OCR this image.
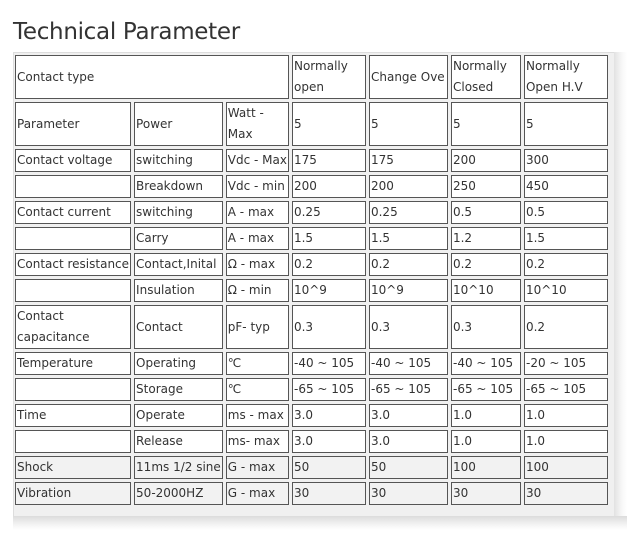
Technical Parameter
Contact type			Normally open	Change Ove	Normally Closed	Normally Open H.V
Parameter	Power	Watt - Max	5	5	5	5
Contact voltage	switching	Vdc - Max	175	175	200	300
	Breakdown	Vdc - min	200	200	250	450
Contact current	switching	A - max	0.25	0.25	0.5	0.5
	Carry	A - max	1.5	1.5	1.2	1.5
Contact resistance	Contact,Inital	Ω - max	0.2	0.2	0.2	0.2
	Insulation	Ω - min	10^9	10^9	10^10	10^10
Contact capacitance	Contact	pF- typ	0.3	0.3	0.3	0.2
Temperature	Operating	℃	-40 ~ 105	-40 ~ 105	-40 ~ 105	-20 ~ 105
	Storage	℃	-65 ~ 105	-65 ~ 105	-65 ~ 105	-65 ~ 105
Time	Operate	ms - max	3.0	3.0	1.0	1.0
	Release	ms- max	3.0	3.0	1.0	1.0
Shock	11ms 1/2 sine	G - max	50	50	100	100
Vibration	50-2000HZ	G - max	30	30	30	30
